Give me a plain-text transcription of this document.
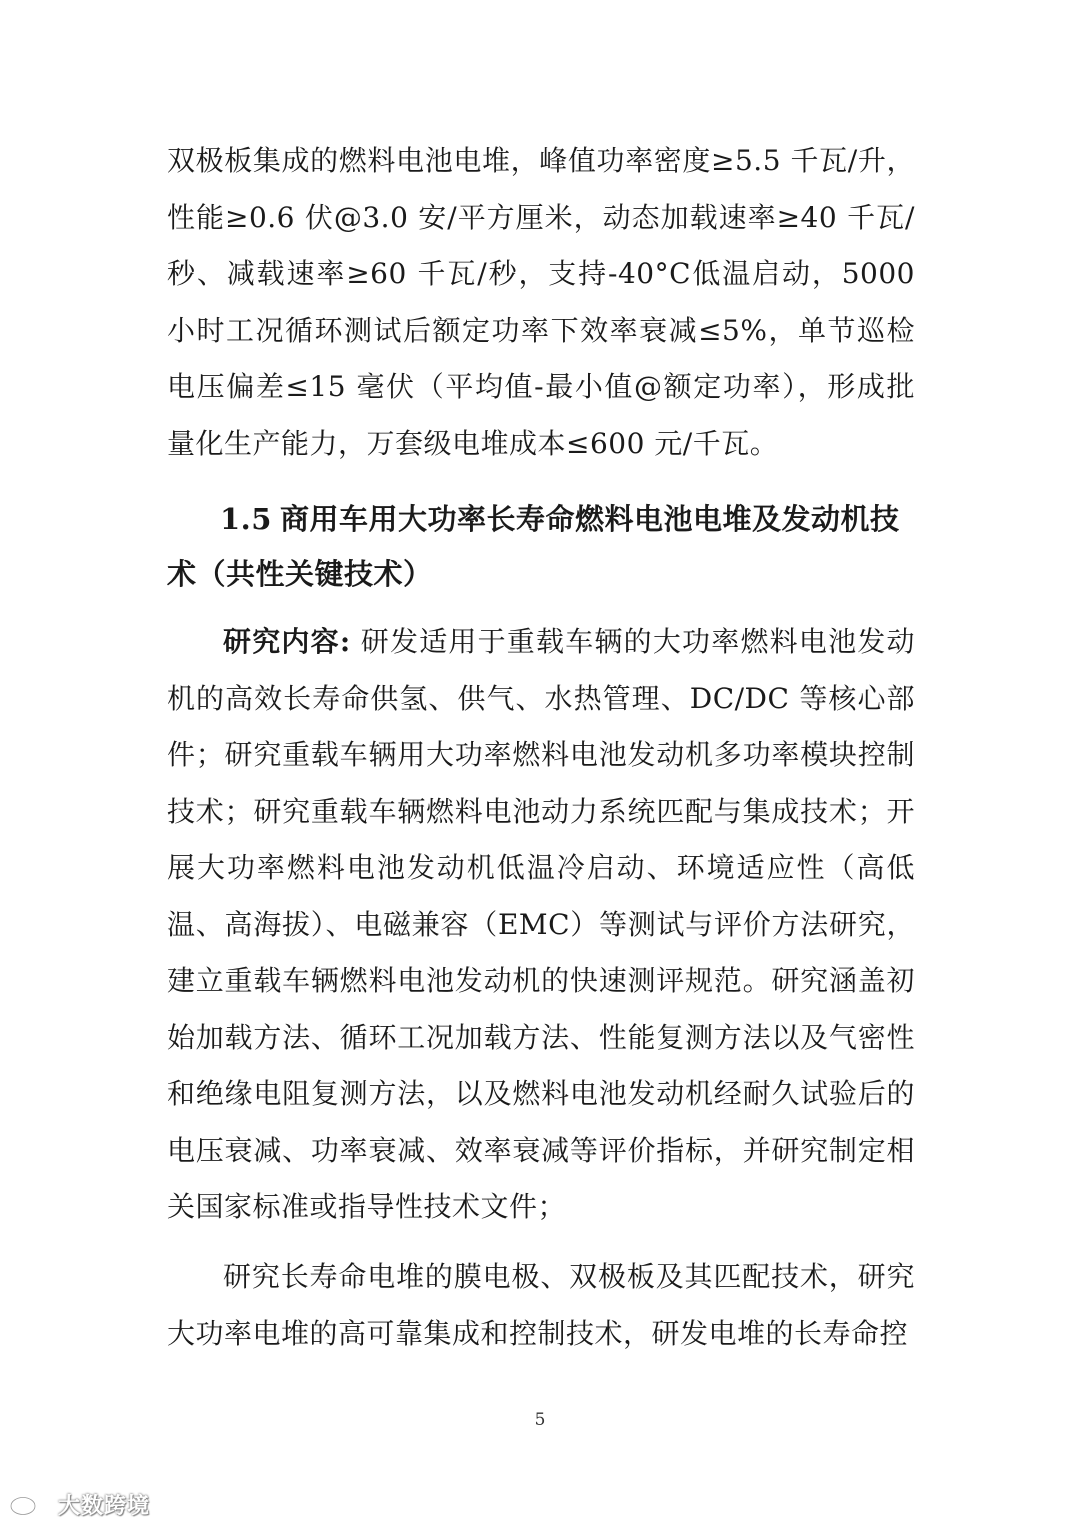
双极板集成的燃料电池电堆，峰值功率密度≥5.5 千瓦/升，性能≥0.6 伏@3.0 安/平方厘米，动态加载速率≥40 千瓦/秒、减载速率≥60 千瓦/秒，支持-40°C低温启动，5000 小时工况循环测试后额定功率下效率衰减≤5%，单节巡检电压偏差≤15 毫伏（平均值-最小值@额定功率），形成批量化生产能力，万套级电堆成本≤600 元/千瓦。

1.5 商用车用大功率长寿命燃料电池电堆及发动机技术（共性关键技术）

研究内容: 研发适用于重载车辆的大功率燃料电池发动机的高效长寿命供氢、供气、水热管理、DC/DC 等核心部件；研究重载车辆用大功率燃料电池发动机多功率模块控制技术；研究重载车辆燃料电池动力系统匹配与集成技术；开展大功率燃料电池发动机低温冷启动、环境适应性（高低温、高海拔）、电磁兼容（EMC）等测试与评价方法研究，建立重载车辆燃料电池发动机的快速测评规范。研究涵盖初始加载方法、循环工况加载方法、性能复测方法以及气密性和绝缘电阻复测方法，以及燃料电池发动机经耐久试验后的电压衰减、功率衰减、效率衰减等评价指标，并研究制定相关国家标准或指导性技术文件；

研究长寿命电堆的膜电极、双极板及其匹配技术，研究大功率电堆的高可靠集成和控制技术，研发电堆的长寿命控

5
大数跨境
